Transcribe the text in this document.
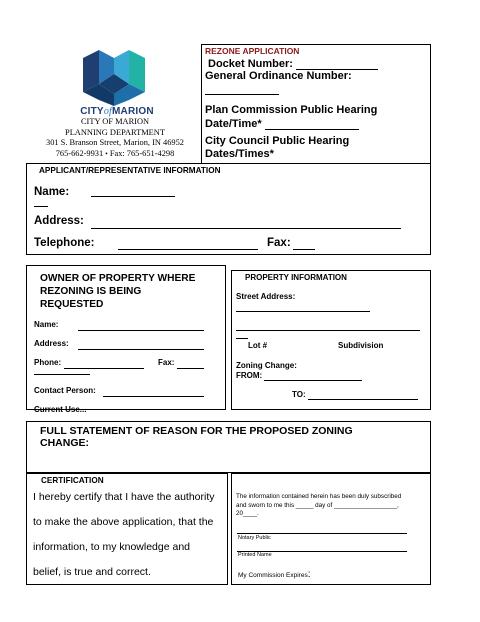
CITYofMARION
CITY OF MARION
PLANNING DEPARTMENT
301 S. Branson Street, Marion, IN 46952
765-662-9931 • Fax: 765-651-4298
REZONE APPLICATION
Docket Number:
General Ordinance Number:
Plan Commission Public Hearing
Date/Time*
City Council Public Hearing
Dates/Times*
APPLICANT/REPRESENTATIVE INFORMATION
Name:
Address:
Telephone:	Fax:
OWNER OF PROPERTY WHERE
REZONING IS BEING
REQUESTED
Name:
Address:
Phone:	Fax:
Contact Person:
Current Use...
PROPERTY INFORMATION
Street Address:
Lot #	Subdivision
Zoning Change:
FROM:
TO:
FULL STATEMENT OF REASON FOR THE PROPOSED ZONING
CHANGE:
CERTIFICATION
I hereby certify that I have the authority
to make the above application, that the
information, to my knowledge and
belief, is true and correct.
The information contained herein has been duly subscribed
and sworn to me this _____ day of __________________,
20____.
Notary Public
Printed Name
My Commission Expires:
